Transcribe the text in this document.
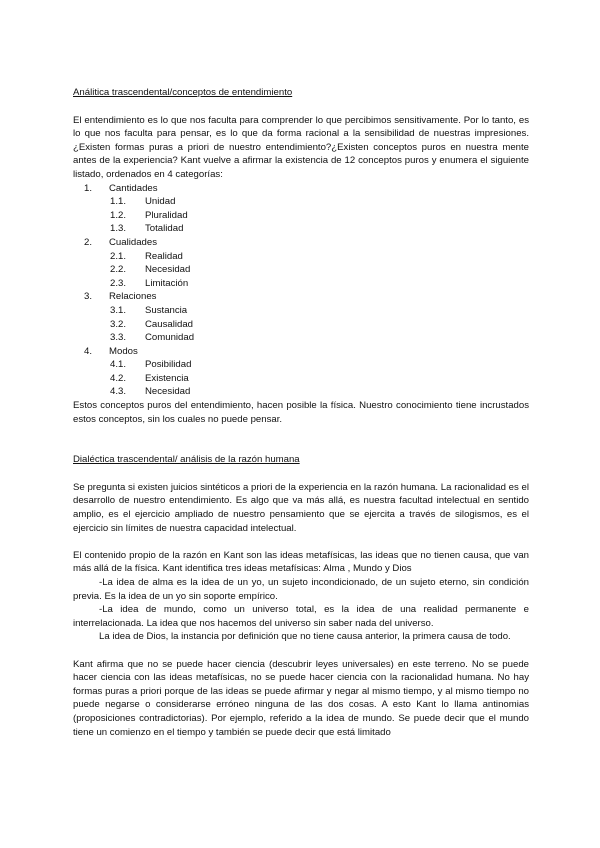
Análitica trascendental/conceptos de entendimiento

El entendimiento es lo que nos faculta para comprender lo que percibimos sensitivamente. Por lo tanto, es lo que nos faculta para pensar, es lo que da forma racional a la sensibilidad de nuestras impresiones. ¿Existen formas puras a priori de nuestro entendimiento?¿Existen conceptos puros en nuestra mente antes de la experiencia? Kant vuelve a afirmar la existencia de 12 conceptos puros y enumera el siguiente listado, ordenados en 4 categorías:

1. Cantidades
1.1. Unidad
1.2. Pluralidad
1.3. Totalidad
2. Cualidades
2.1. Realidad
2.2. Necesidad
2.3. Limitación
3. Relaciones
3.1. Sustancia
3.2. Causalidad
3.3. Comunidad
4. Modos
4.1. Posibilidad
4.2. Existencia
4.3. Necesidad

Estos conceptos puros del entendimiento, hacen posible la física. Nuestro conocimiento tiene incrustados estos conceptos, sin los cuales no puede pensar.

Dialéctica trascendental/ análisis de la razón humana

Se pregunta si existen juicios sintéticos a priori de la experiencia en la razón humana. La racionalidad es el desarrollo de nuestro entendimiento. Es algo que va más allá, es nuestra facultad intelectual en sentido amplio, es el ejercicio ampliado de nuestro pensamiento que se ejercita a través de silogismos, es el ejercicio sin límites de nuestra capacidad intelectual.

El contenido propio de la razón en Kant son las ideas metafísicas, las ideas que no tienen causa, que van más allá de la física. Kant identifica tres ideas metafísicas: Alma , Mundo y Dios

-La idea de alma es la idea de un yo, un sujeto incondicionado, de un sujeto eterno, sin condición previa. Es la idea de un yo sin soporte empírico.

-La idea de mundo, como un universo total, es la idea de una realidad permanente e interrelacionada. La idea que nos hacemos del universo sin saber nada del universo.

La idea de Dios, la instancia por definición que no tiene causa anterior, la primera causa de todo.

Kant afirma que no se puede hacer ciencia (descubrir leyes universales) en este terreno. No se puede hacer ciencia con las ideas metafísicas, no se puede hacer ciencia con la racionalidad humana. No hay formas puras a priori porque de las ideas se puede afirmar y negar al mismo tiempo, y al mismo tiempo no puede negarse o considerarse erróneo ninguna de las dos cosas. A esto Kant lo llama antinomias (proposiciones contradictorias). Por ejemplo, referido a la idea de mundo. Se puede decir que el mundo tiene un comienzo en el tiempo y también se puede decir que está limitado
